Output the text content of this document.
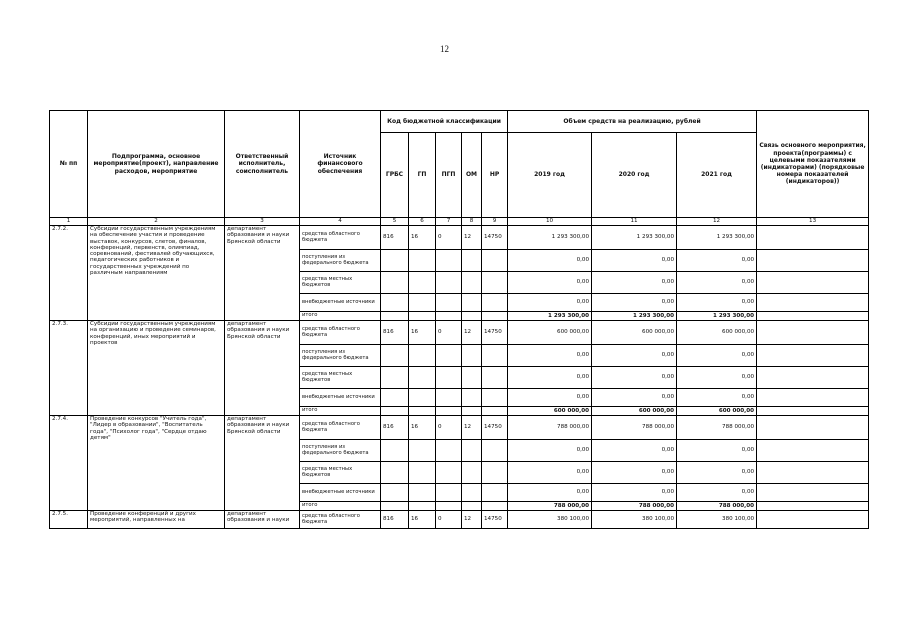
12
№ пп	Подпрограмма, основное мероприятие(проект), направление расходов, мероприятие	Ответственный исполнитель, соисполнитель	Источник финансового обеспечения	Код бюджетной классификации					Объем средств на реализацию, рублей			Связь основного мероприятия, проекта(программы) с целевыми показателями (индикаторами) (порядковые номера показателей (индикаторов))
				ГРБС	ГП	ПГП	ОМ	НР	2019 год	2020 год	2021 год	
1	2	3	4	5	6	7	8	9	10	11	12	13
2.7.2.	Субсидии государственным учреждениям на обеспечение участия и проведение выставок, конкурсов, слетов, финалов, конференций, первенств, олимпиад, соревнований, фестивалей обучающихся, педагогических работников и государственных учреждений по различным направлениям	департамент образования и науки Брянской области	средства областного бюджета	816	16	0	12	14750	1 293 300,00	1 293 300,00	1 293 300,00	
			поступления из федерального бюджета						0,00	0,00	0,00	
			средства местных бюджетов						0,00	0,00	0,00	
			внебюджетные источники						0,00	0,00	0,00	
			итого						1 293 300,00	1 293 300,00	1 293 300,00	
2.7.3.	Субсидии государственным учреждениям на организацию и проведение семинаров, конференций, иных мероприятий и проектов	департамент образования и науки Брянской области	средства областного бюджета	816	16	0	12	14750	600 000,00	600 000,00	600 000,00	
			поступления из федерального бюджета						0,00	0,00	0,00	
			средства местных бюджетов						0,00	0,00	0,00	
			внебюджетные источники						0,00	0,00	0,00	
			итого						600 000,00	600 000,00	600 000,00	
2.7.4.	Проведение конкурсов "Учитель года", "Лидер в образовании", "Воспитатель года", "Психолог года", "Сердце отдаю детям"	департамент образования и науки Брянской области	средства областного бюджета	816	16	0	12	14750	788 000,00	788 000,00	788 000,00	
			поступления из федерального бюджета						0,00	0,00	0,00	
			средства местных бюджетов						0,00	0,00	0,00	
			внебюджетные источники						0,00	0,00	0,00	
			итого						788 000,00	788 000,00	788 000,00	
2.7.5.	Проведение конференций и других мероприятий, направленных на	департамент образования и науки	средства областного бюджета	816	16	0	12	14750	380 100,00	380 100,00	380 100,00	
